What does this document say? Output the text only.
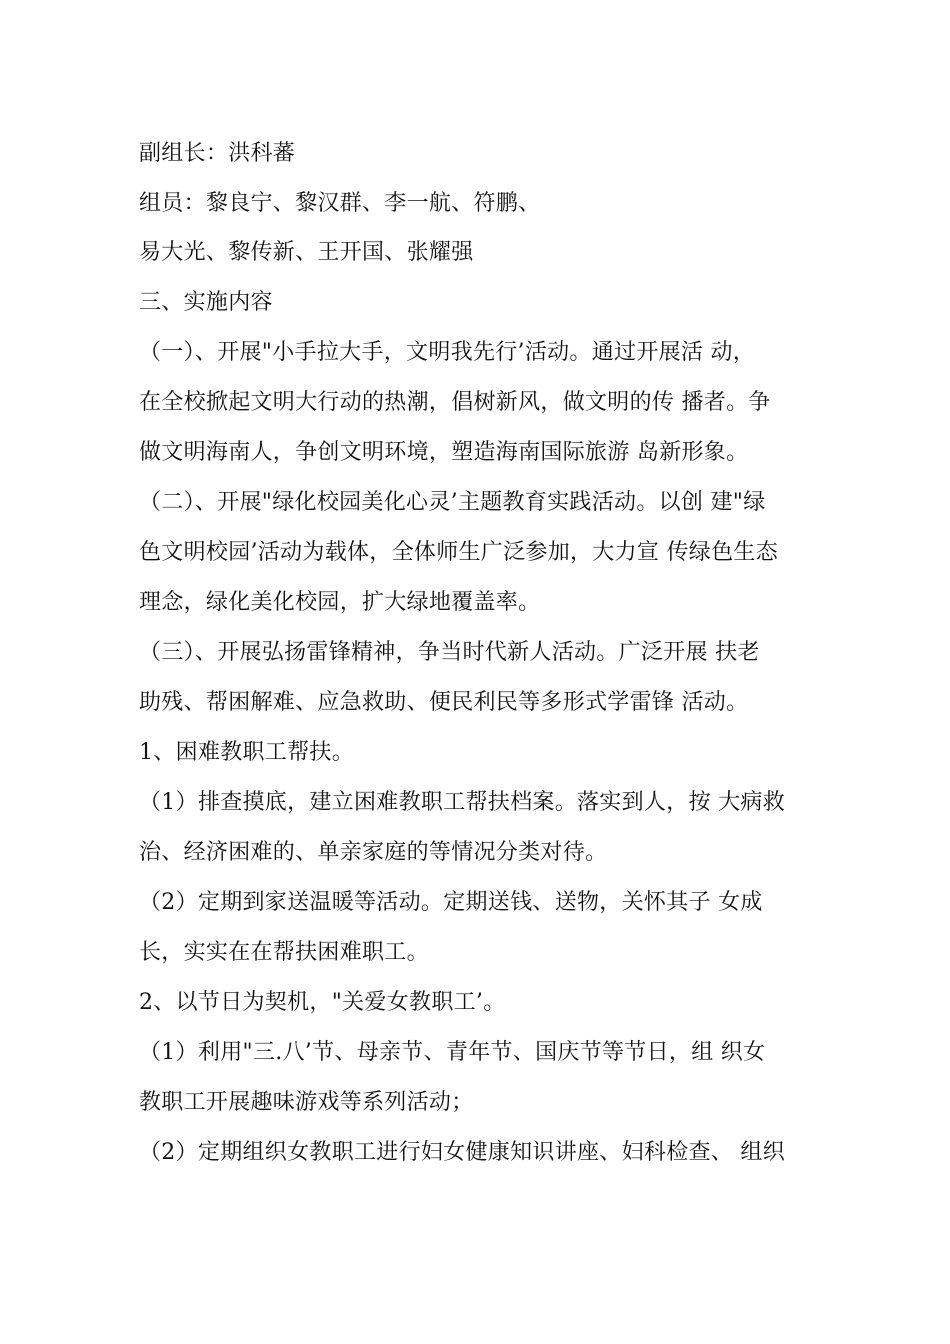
副组长：洪科蕃
组员：黎良宁、黎汉群、李一航、符鹏、
易大光、黎传新、王开国、张耀强
三、实施内容
（一）、开展"小手拉大手，文明我先行’活动。通过开展活 动，
在全校掀起文明大行动的热潮，倡树新风，做文明的传 播者。争
做文明海南人，争创文明环境，塑造海南国际旅游 岛新形象。
（二）、开展"绿化校园美化心灵’主题教育实践活动。以创 建"绿
色文明校园’活动为载体，全体师生广泛参加，大力宣 传绿色生态
理念，绿化美化校园，扩大绿地覆盖率。
（三）、开展弘扬雷锋精神，争当时代新人活动。广泛开展 扶老
助残、帮困解难、应急救助、便民利民等多形式学雷锋 活动。
1、困难教职工帮扶。
（1）排查摸底，建立困难教职工帮扶档案。落实到人，按 大病救
治、经济困难的、单亲家庭的等情况分类对待。
（2）定期到家送温暖等活动。定期送钱、送物，关怀其子 女成
长，实实在在帮扶困难职工。
2、以节日为契机，"关爱女教职工’。
（1）利用"三.八’节、母亲节、青年节、国庆节等节日，组 织女
教职工开展趣味游戏等系列活动；
（2）定期组织女教职工进行妇女健康知识讲座、妇科检查、 组织
